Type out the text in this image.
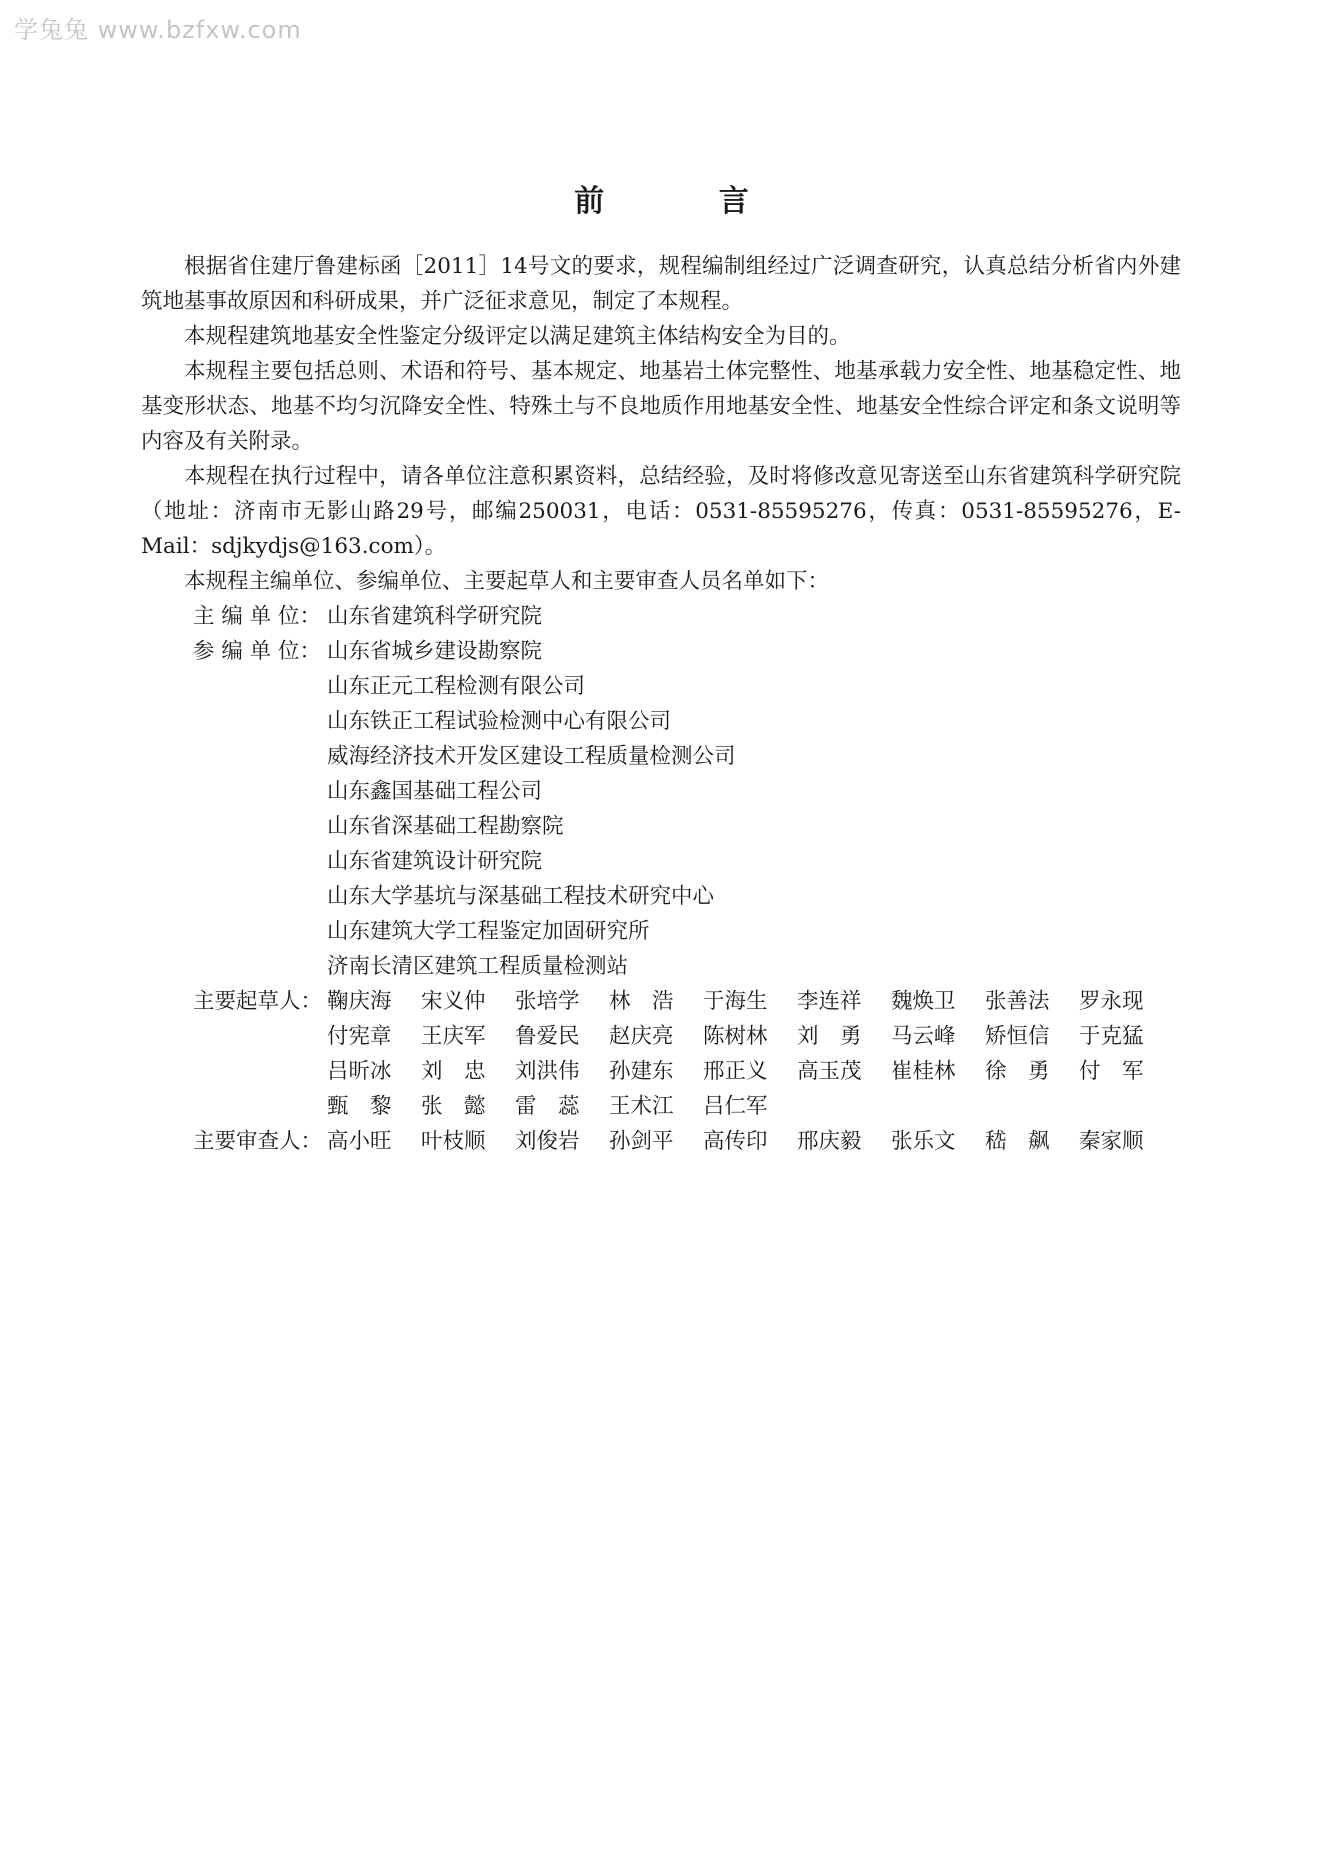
学兔兔 www.bzfxw.com
前 言

根据省住建厅鲁建标函［2011］14号文的要求，规程编制组经过广泛调查研究，认真总结分析省内外建筑地基事故原因和科研成果，并广泛征求意见，制定了本规程。

本规程建筑地基安全性鉴定分级评定以满足建筑主体结构安全为目的。

本规程主要包括总则、术语和符号、基本规定、地基岩土体完整性、地基承载力安全性、地基稳定性、地基变形状态、地基不均匀沉降安全性、特殊土与不良地质作用地基安全性、地基安全性综合评定和条文说明等内容及有关附录。

本规程在执行过程中，请各单位注意积累资料，总结经验，及时将修改意见寄送至山东省建筑科学研究院（地址：济南市无影山路29号，邮编250031，电话：0531-85595276，传真：0531-85595276，E-Mail：sdjkydjs@163.com）。

本规程主编单位、参编单位、主要起草人和主要审查人员名单如下：

主 编 单 位： 山东省建筑科学研究院
参 编 单 位： 山东省城乡建设勘察院
山东正元工程检测有限公司
山东铁正工程试验检测中心有限公司
威海经济技术开发区建设工程质量检测公司
山东鑫国基础工程公司
山东省深基础工程勘察院
山东省建筑设计研究院
山东大学基坑与深基础工程技术研究中心
山东建筑大学工程鉴定加固研究所
济南长清区建筑工程质量检测站
主要起草人： 鞠庆海	宋义仲	张培学	林　浩	于海生	李连祥	魏焕卫	张善法	罗永现
付宪章	王庆军	鲁爱民	赵庆亮	陈树林	刘　勇	马云峰	矫恒信	于克猛
吕昕冰	刘　忠	刘洪伟	孙建东	邢正义	高玉茂	崔桂林	徐　勇	付　军
甄　黎	张　懿	雷　蕊	王术江	吕仁军
主要审查人： 高小旺	叶枝顺	刘俊岩	孙剑平	高传印	邢庆毅	张乐文	嵇　飙	秦家顺
